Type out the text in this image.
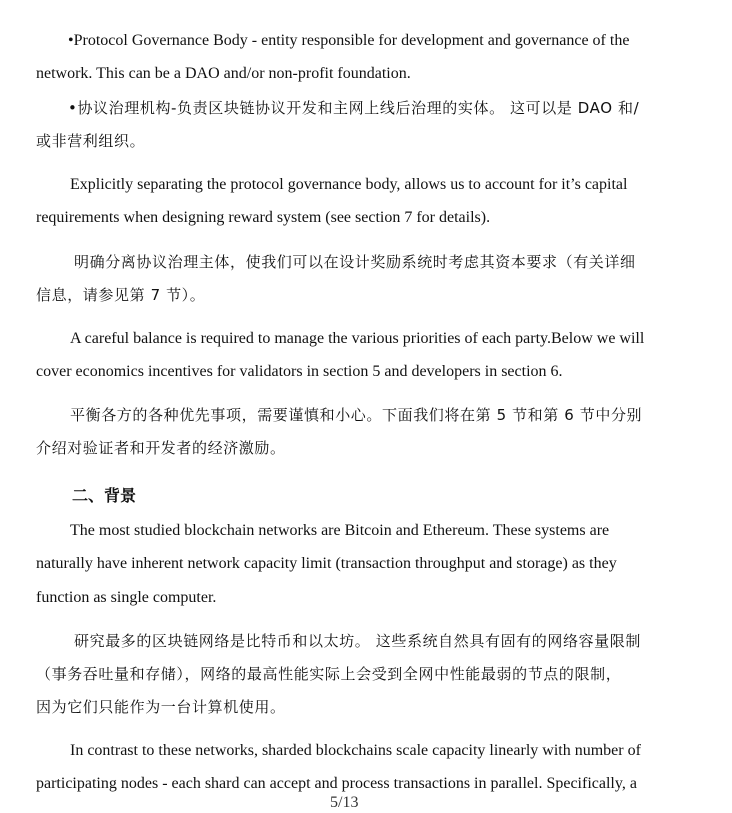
•Protocol Governance Body - entity responsible for development and governance of the
network. This can be a DAO and/or non-profit foundation.
•协议治理机构-负责区块链协议开发和主网上线后治理的实体。 这可以是 DAO 和/
或非营利组织。
Explicitly separating the protocol governance body, allows us to account for it’s capital
requirements when designing reward system (see section 7 for details).
明确分离协议治理主体，使我们可以在设计奖励系统时考虑其资本要求（有关详细
信息，请参见第 7 节）。
A careful balance is required to manage the various priorities of each party.Below we will
cover economics incentives for validators in section 5 and developers in section 6.
平衡各方的各种优先事项，需要谨慎和小心。下面我们将在第 5 节和第 6 节中分别
介绍对验证者和开发者的经济激励。
二、背景
The most studied blockchain networks are Bitcoin and Ethereum. These systems are
naturally have inherent network capacity limit (transaction throughput and storage) as they
function as single computer.
研究最多的区块链网络是比特币和以太坊。 这些系统自然具有固有的网络容量限制
（事务吞吐量和存储），网络的最高性能实际上会受到全网中性能最弱的节点的限制，
因为它们只能作为一台计算机使用。
In contrast to these networks, sharded blockchains scale capacity linearly with number of
participating nodes - each shard can accept and process transactions in parallel. Specifically, a
5/13
